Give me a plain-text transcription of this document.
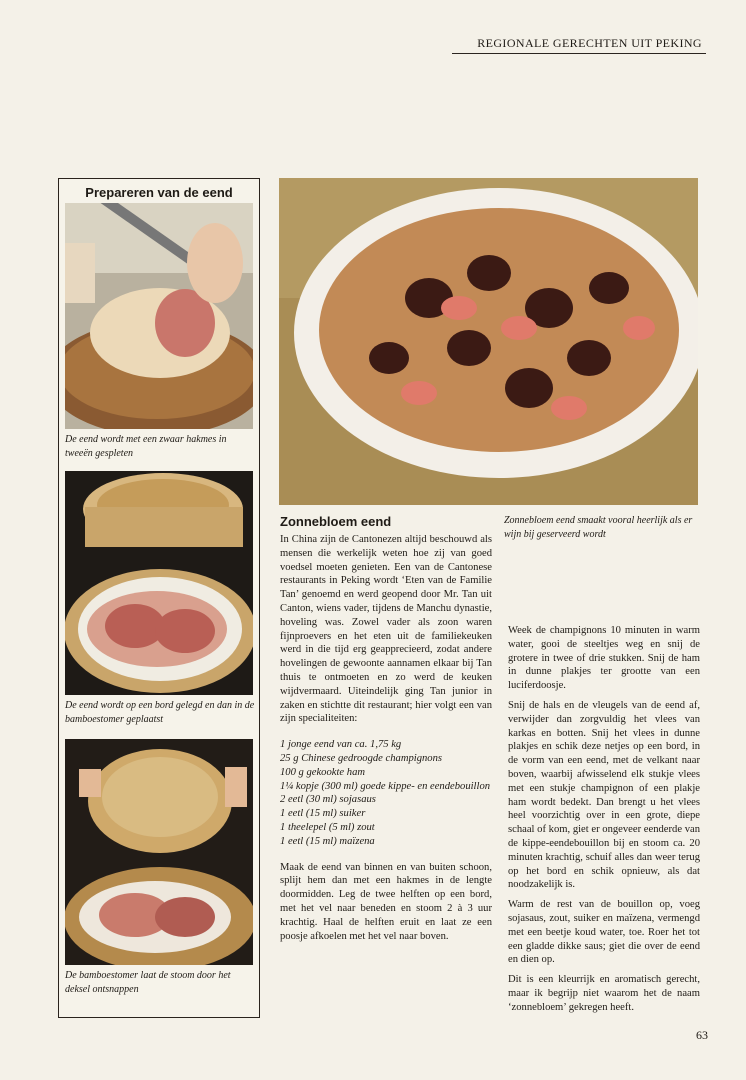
REGIONALE GERECHTEN UIT PEKING
Prepareren van de eend
De eend wordt met een zwaar hakmes in tweeën gespleten
De eend wordt op een bord gelegd en dan in de bamboestomer geplaatst
De bamboestomer laat de stoom door het deksel ontsnappen
Zonnebloem eend smaakt vooral heerlijk als er wijn bij geserveerd wordt
Zonnebloem eend

In China zijn de Cantonezen altijd beschouwd als mensen die werkelijk weten hoe zij van goed voedsel moeten genieten. Een van de Cantonese restaurants in Peking wordt ‘Eten van de Familie Tan’ genoemd en werd geopend door Mr. Tan uit Canton, wiens vader, tijdens de Manchu dynastie, hoveling was. Zowel vader als zoon waren fijnproevers en het eten uit de familiekeuken werd in die tijd erg geapprecieerd, zodat andere hovelingen de gewoonte aannamen elkaar bij Tan thuis te ontmoeten en zo werd de keuken wijdvermaard. Uiteindelijk ging Tan junior in zaken en stichtte dit restaurant; hier volgt een van zijn specialiteiten:

1 jonge eend van ca. 1,75 kg

25 g Chinese gedroogde champignons

100 g gekookte ham

1¼ kopje (300 ml) goede kippe- en eendebouillon

2 eetl (30 ml) sojasaus

1 eetl (15 ml) suiker

1 theelepel (5 ml) zout

1 eetl (15 ml) maïzena

Maak de eend van binnen en van buiten schoon, splijt hem dan met een hakmes in de lengte doormidden. Leg de twee helften op een bord, met het vel naar beneden en stoom 2 à 3 uur krachtig. Haal de helften eruit en laat ze een poosje afkoelen met het vel naar boven.

Week de champignons 10 minuten in warm water, gooi de steeltjes weg en snij de grotere in twee of drie stukken. Snij de ham in dunne plakjes ter grootte van een luciferdoosje.

Snij de hals en de vleugels van de eend af, verwijder dan zorgvuldig het vlees van karkas en botten. Snij het vlees in dunne plakjes en schik deze netjes op een bord, in de vorm van een eend, met de velkant naar boven, waarbij afwisselend elk stukje vlees met een stukje champignon of een plakje ham wordt bedekt. Dan brengt u het vlees heel voorzichtig over in een grote, diepe schaal of kom, giet er ongeveer eenderde van de kippe-eendebouillon bij en stoom ca. 20 minuten krachtig, schuif alles dan weer terug op het bord en schik opnieuw, als dat noodzakelijk is.

Warm de rest van de bouillon op, voeg sojasaus, zout, suiker en maïzena, vermengd met een beetje koud water, toe. Roer het tot een gladde dikke saus; giet die over de eend en dien op.

Dit is een kleurrijk en aromatisch gerecht, maar ik begrijp niet waarom het de naam ‘zonnebloem’ gekregen heeft.

63
